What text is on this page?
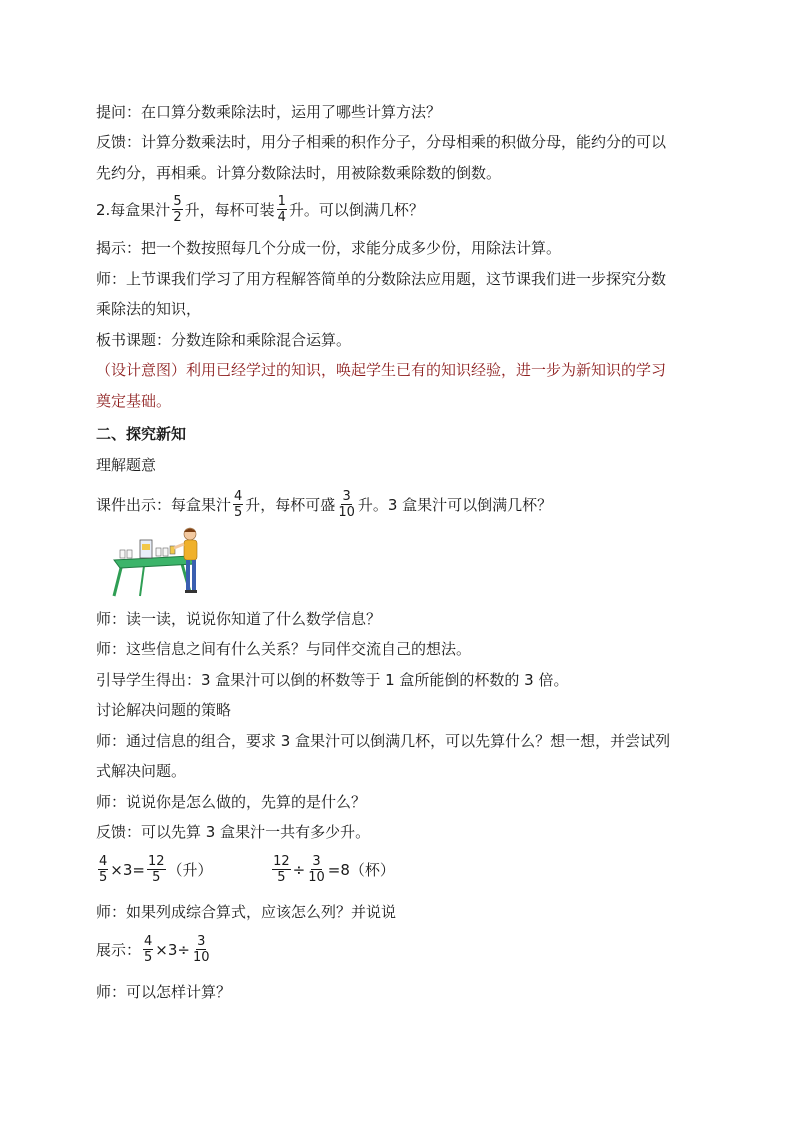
提问：在口算分数乘除法时，运用了哪些计算方法？
反馈：计算分数乘法时，用分子相乘的积作分子，分母相乘的积做分母，能约分的可以
先约分，再相乘。计算分数除法时，用被除数乘除数的倒数。
2.每盒果汁 $\frac{5}{2}$ 升，每杯可装 $\frac{1}{4}$ 升。可以倒满几杯？
揭示：把一个数按照每几个分成一份，求能分成多少份，用除法计算。
师：上节课我们学习了用方程解答简单的分数除法应用题，这节课我们进一步探究分数
乘除法的知识，
板书课题：分数连除和乘除混合运算。
（设计意图）利用已经学过的知识，唤起学生已有的知识经验，进一步为新知识的学习
奠定基础。
二、探究新知
理解题意
课件出示：每盒果汁 $\frac{4}{5}$ 升，每杯可盛 $\frac{3}{10}$ 升。3 盒果汁可以倒满几杯？
师：读一读，说说你知道了什么数学信息？
师：这些信息之间有什么关系？与同伴交流自己的想法。
引导学生得出：3 盒果汁可以倒的杯数等于 1 盒所能倒的杯数的 3 倍。
讨论解决问题的策略
师：通过信息的组合，要求 3 盒果汁可以倒满几杯，可以先算什么？想一想，并尝试列
式解决问题。
师：说说你是怎么做的，先算的是什么？
反馈：可以先算 3 盒果汁一共有多少升。
$\frac{4}{5} \times 3= \frac{12}{5}$ （升）	$\frac{12}{5} \div \frac{3}{10} =8$（杯）
师：如果列成综合算式，应该怎么列？并说说
展示： $\frac{4}{5} \times 3\div \frac{3}{10}$
师：可以怎样计算？
